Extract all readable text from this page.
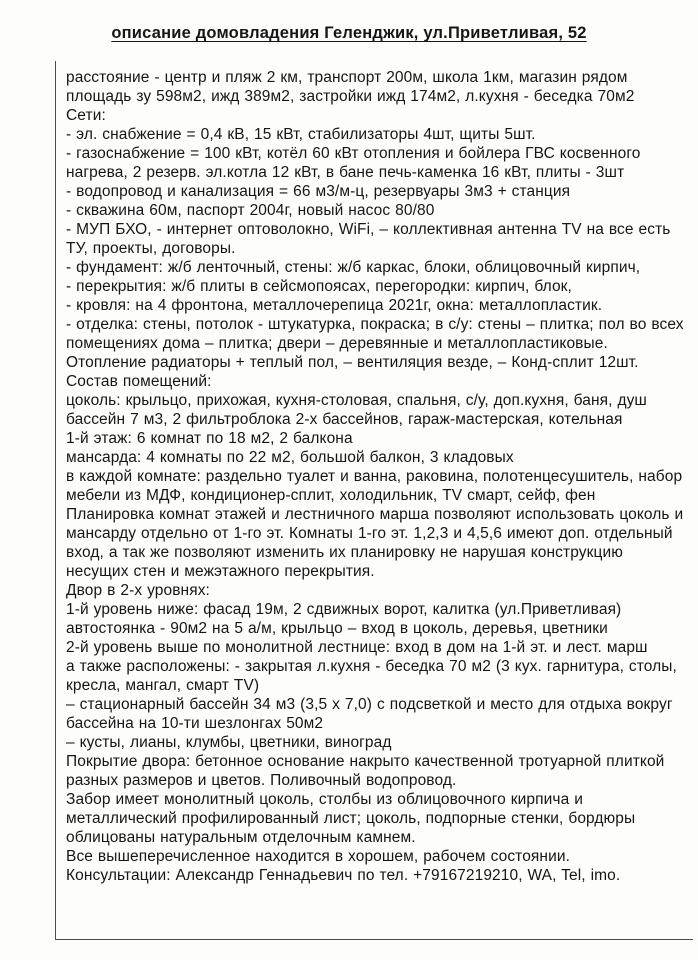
описание домовладения Геленджик, ул.Приветливая, 52

расстояние - центр и пляж 2 км, транспорт 200м, школа 1км, магазин рядом

площадь зу 598м2, ижд 389м2, застройки ижд 174м2, л.кухня - беседка 70м2

Сети:

- эл. снабжение = 0,4 кВ, 15 кВт, стабилизаторы 4шт, щиты 5шт.

- газоснабжение = 100 кВт, котёл 60 кВт отопления и бойлера ГВС косвенного нагрева, 2 резерв. эл.котла 12 кВт, в бане печь-каменка 16 кВт, плиты - 3шт

- водопровод и канализация = 66 м3/м-ц, резервуары 3м3 + станция

- скважина 60м, паспорт 2004г, новый насос 80/80

- МУП БХО, - интернет оптоволокно, WiFi, – коллективная антенна TV на все есть ТУ, проекты, договоры.

- фундамент: ж/б ленточный, стены: ж/б каркас, блоки, облицовочный кирпич,

- перекрытия: ж/б плиты в сейсмопоясах, перегородки: кирпич, блок,

- кровля: на 4 фронтона, металлочерепица 2021г, окна: металлопластик.

- отделка: стены, потолок - штукатурка, покраска; в с/у: стены – плитка; пол во всех помещениях дома – плитка; двери – деревянные и металлопластиковые.

Отопление радиаторы + теплый пол, – вентиляция везде, – Конд-сплит 12шт.

Состав помещений:

цоколь: крыльцо, прихожая, кухня-столовая, спальня, с/у, доп.кухня, баня, душ бассейн 7 м3, 2 фильтроблока 2-х бассейнов, гараж-мастерская, котельная

1-й этаж: 6 комнат по 18 м2, 2 балкона

мансарда: 4 комнаты по 22 м2, большой балкон, 3 кладовых

в каждой комнате: раздельно туалет и ванна, раковина, полотенцесушитель, набор мебели из МДФ, кондиционер-сплит, холодильник, TV смарт, сейф, фен

Планировка комнат этажей и лестничного марша позволяют использовать цоколь и мансарду отдельно от 1-го эт. Комнаты 1-го эт. 1,2,3 и 4,5,6 имеют доп. отдельный вход, а так же позволяют изменить их планировку не нарушая конструкцию несущих стен и межэтажного перекрытия.

Двор в 2-х уровнях:

1-й уровень ниже: фасад 19м, 2 сдвижных ворот, калитка (ул.Приветливая)

автостоянка - 90м2 на 5 а/м, крыльцо – вход в цоколь, деревья, цветники

2-й уровень выше по монолитной лестнице: вход в дом на 1-й эт. и лест. марш

а также расположены: - закрытая л.кухня - беседка 70 м2 (3 кух. гарнитура, столы, кресла, мангал, смарт TV)

– стационарный бассейн 34 м3 (3,5 х 7,0) с подсветкой и место для отдыха вокруг бассейна на 10-ти шезлонгах 50м2

– кусты, лианы, клумбы, цветники, виноград

Покрытие двора: бетонное основание накрыто качественной тротуарной плиткой разных размеров и цветов. Поливочный водопровод.

Забор имеет монолитный цоколь, столбы из облицовочного кирпича и металлический профилированный лист; цоколь, подпорные стенки, бордюры облицованы натуральным отделочным камнем.

Все вышеперечисленное находится в хорошем, рабочем состоянии.

Консультации: Александр Геннадьевич по тел. +79167219210, WA, Tel, imo.
